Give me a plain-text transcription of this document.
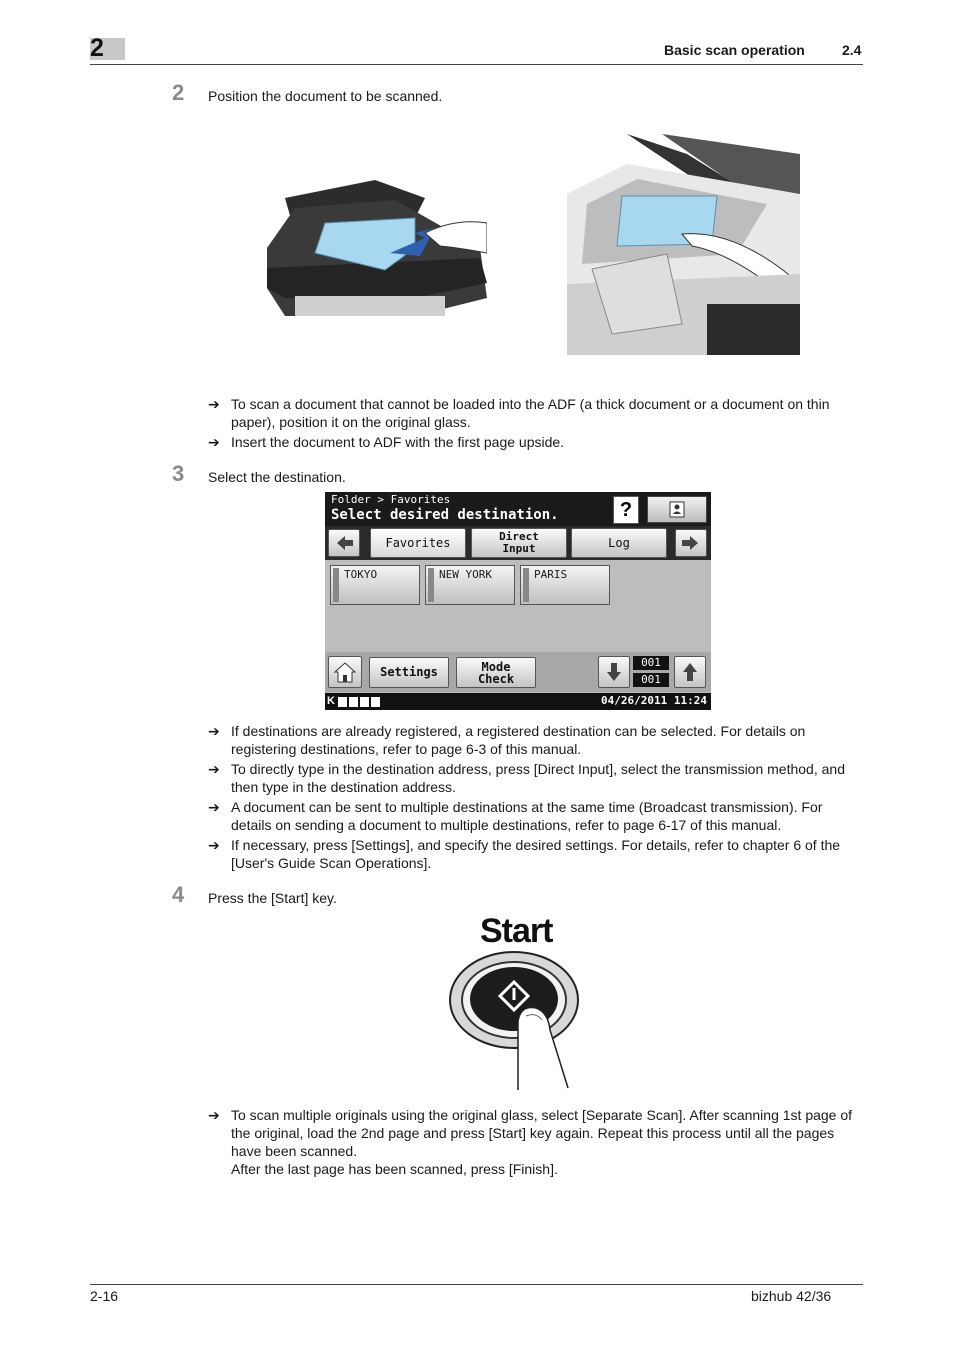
2	Basic scan operation	2.4
2 Position the document to be scanned.
➔ To scan a document that cannot be loaded into the ADF (a thick document or a document on thin paper), position it on the original glass.
➔ Insert the document to ADF with the first page upside.
3 Select the destination.
Folder > Favorites
Select desired destination.	?
Favorites	Direct
Input	Log
TOKYO	NEW YORK	PARIS
Settings	Mode
Check
001
001
K	04/26/2011 11:24
➔ If destinations are already registered, a registered destination can be selected. For details on registering destinations, refer to page 6-3 of this manual.
➔ To directly type in the destination address, press [Direct Input], select the transmission method, and then type in the destination address.
➔ A document can be sent to multiple destinations at the same time (Broadcast transmission). For details on sending a document to multiple destinations, refer to page 6-17 of this manual.
➔ If necessary, press [Settings], and specify the desired settings. For details, refer to chapter 6 of the [User's Guide Scan Operations].
4 Press the [Start] key.
Start
➔ To scan multiple originals using the original glass, select [Separate Scan]. After scanning 1st page of the original, load the 2nd page and press [Start] key again. Repeat this process until all the pages have been scanned.
After the last page has been scanned, press [Finish].
2-16	bizhub 42/36
